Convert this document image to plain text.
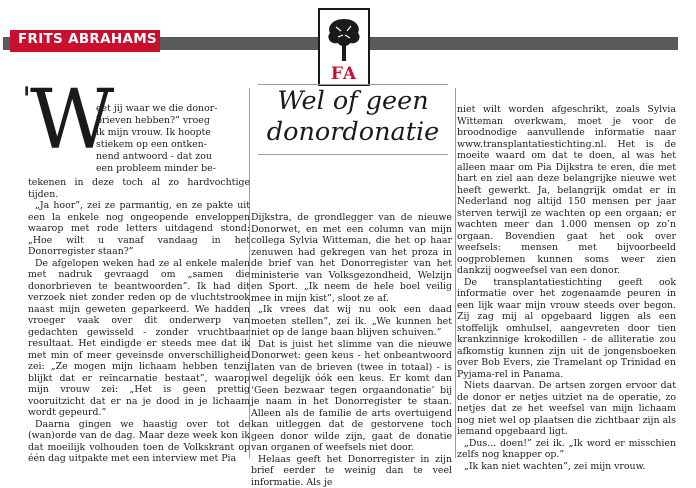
FRITS ABRAHAMS
FA
'
W
eet jij waar we die donor-
brieven hebben?” vroeg
ik mijn vrouw. Ik hoopte
stiekem op een ontken-
nend antwoord - dat zou
een probleem minder be-

tekenen in deze toch al zo hardvochtige tijden.

„Ja hoor”, zei ze parmantig, en ze pakte uit een la enkele nog ongeopende enveloppen waarop met rode letters uitdagend stond: „Hoe wilt u vanaf vandaag in het Donorregister staan?”

De afgelopen weken had ze al enkele malen met nadruk gevraagd om „samen die donorbrieven te beantwoorden”. Ik had dit verzoek niet zonder reden op de vluchtstrook naast mijn geweten geparkeerd. We hadden vroeger vaak over dit onderwerp van gedachten gewisseld - zonder vruchtbaar resultaat. Het eindigde er steeds mee dat ik met min of meer geveinsde onverschilligheid zei: „Ze mogen mijn lichaam hebben tenzij blijkt dat er reïncarnatie bestaat”, waarop mijn vrouw zei: „Het is geen prettig vooruitzicht dat er na je dood in je lichaam wordt gepeurd.”

Daarna gingen we haastig over tot de (wan)orde van de dag. Maar deze week kon ik dat moeilijk volhouden toen de Volkskrant op één dag uitpakte met een interview met Pia

Wel of geen donordonatie

Dijkstra, de grondlegger van de nieuwe Donorwet, en met een column van mijn collega Sylvia Witteman, die het op haar zenuwen had gekregen van het proza in de brief van het Donorregister van het ministerie van Volksgezondheid, Welzijn en Sport. „Ik neem de hele boel veilig mee in mijn kist”, sloot ze af.

„Ik vrees dat wij nu ook een daad moeten stellen”, zei ik. „We kunnen het niet op de lange baan blijven schuiven.”

Dat is juist het slimme van die nieuwe Donorwet: geen keus - het onbeantwoord laten van de brieven (twee in totaal) - is wel degelijk óók een keus. Er komt dan ‘Geen bezwaar tegen orgaandonatie’ bij je naam in het Donorregister te staan. Alleen als de familie de arts overtuigend kan uitleggen dat de gestorvene toch geen donor wilde zijn, gaat de donatie van organen of weefsels niet door.

Helaas geeft het Donorregister in zijn brief eerder te weinig dan te veel informatie. Als je

niet wilt worden afgeschrikt, zoals Sylvia Witteman overkwam, moet je voor de broodnodige aanvullende informatie naar www.transplantatiestichting.nl. Het is de moeite waard om dat te doen, al was het alleen maar om Pia Dijkstra te eren, die met hart en ziel aan deze belangrijke nieuwe wet heeft gewerkt. Ja, belangrijk omdat er in Nederland nog altijd 150 mensen per jaar sterven terwijl ze wachten op een orgaan; er wachten meer dan 1.000 mensen op zo’n orgaan. Bovendien gaat het ook over weefsels: mensen met bijvoorbeeld oogproblemen kunnen soms weer zien dankzij oogweefsel van een donor.

De transplantatiestichting geeft ook informatie over het zogenaamde peuren in een lijk waar mijn vrouw steeds over begon. Zij zag mij al opgebaard liggen als een stoffelijk omhulsel, aangevreten door tien krankzinnige krokodillen - de alliteratie zou afkomstig kunnen zijn uit de jongensboeken over Bob Evers, zie Tramelant op Trinidad en Pyjama-rel in Panama.

Niets daarvan. De artsen zorgen ervoor dat de donor er netjes uitziet na de operatie, zo netjes dat ze het weefsel van mijn lichaam nog niet wel op plaatsen die zichtbaar zijn als iemand opgebaard ligt.

„Dus... doen!” zei ik. „Ik word er misschien zelfs nog knapper op.”

„Ik kan niet wachten”, zei mijn vrouw.
